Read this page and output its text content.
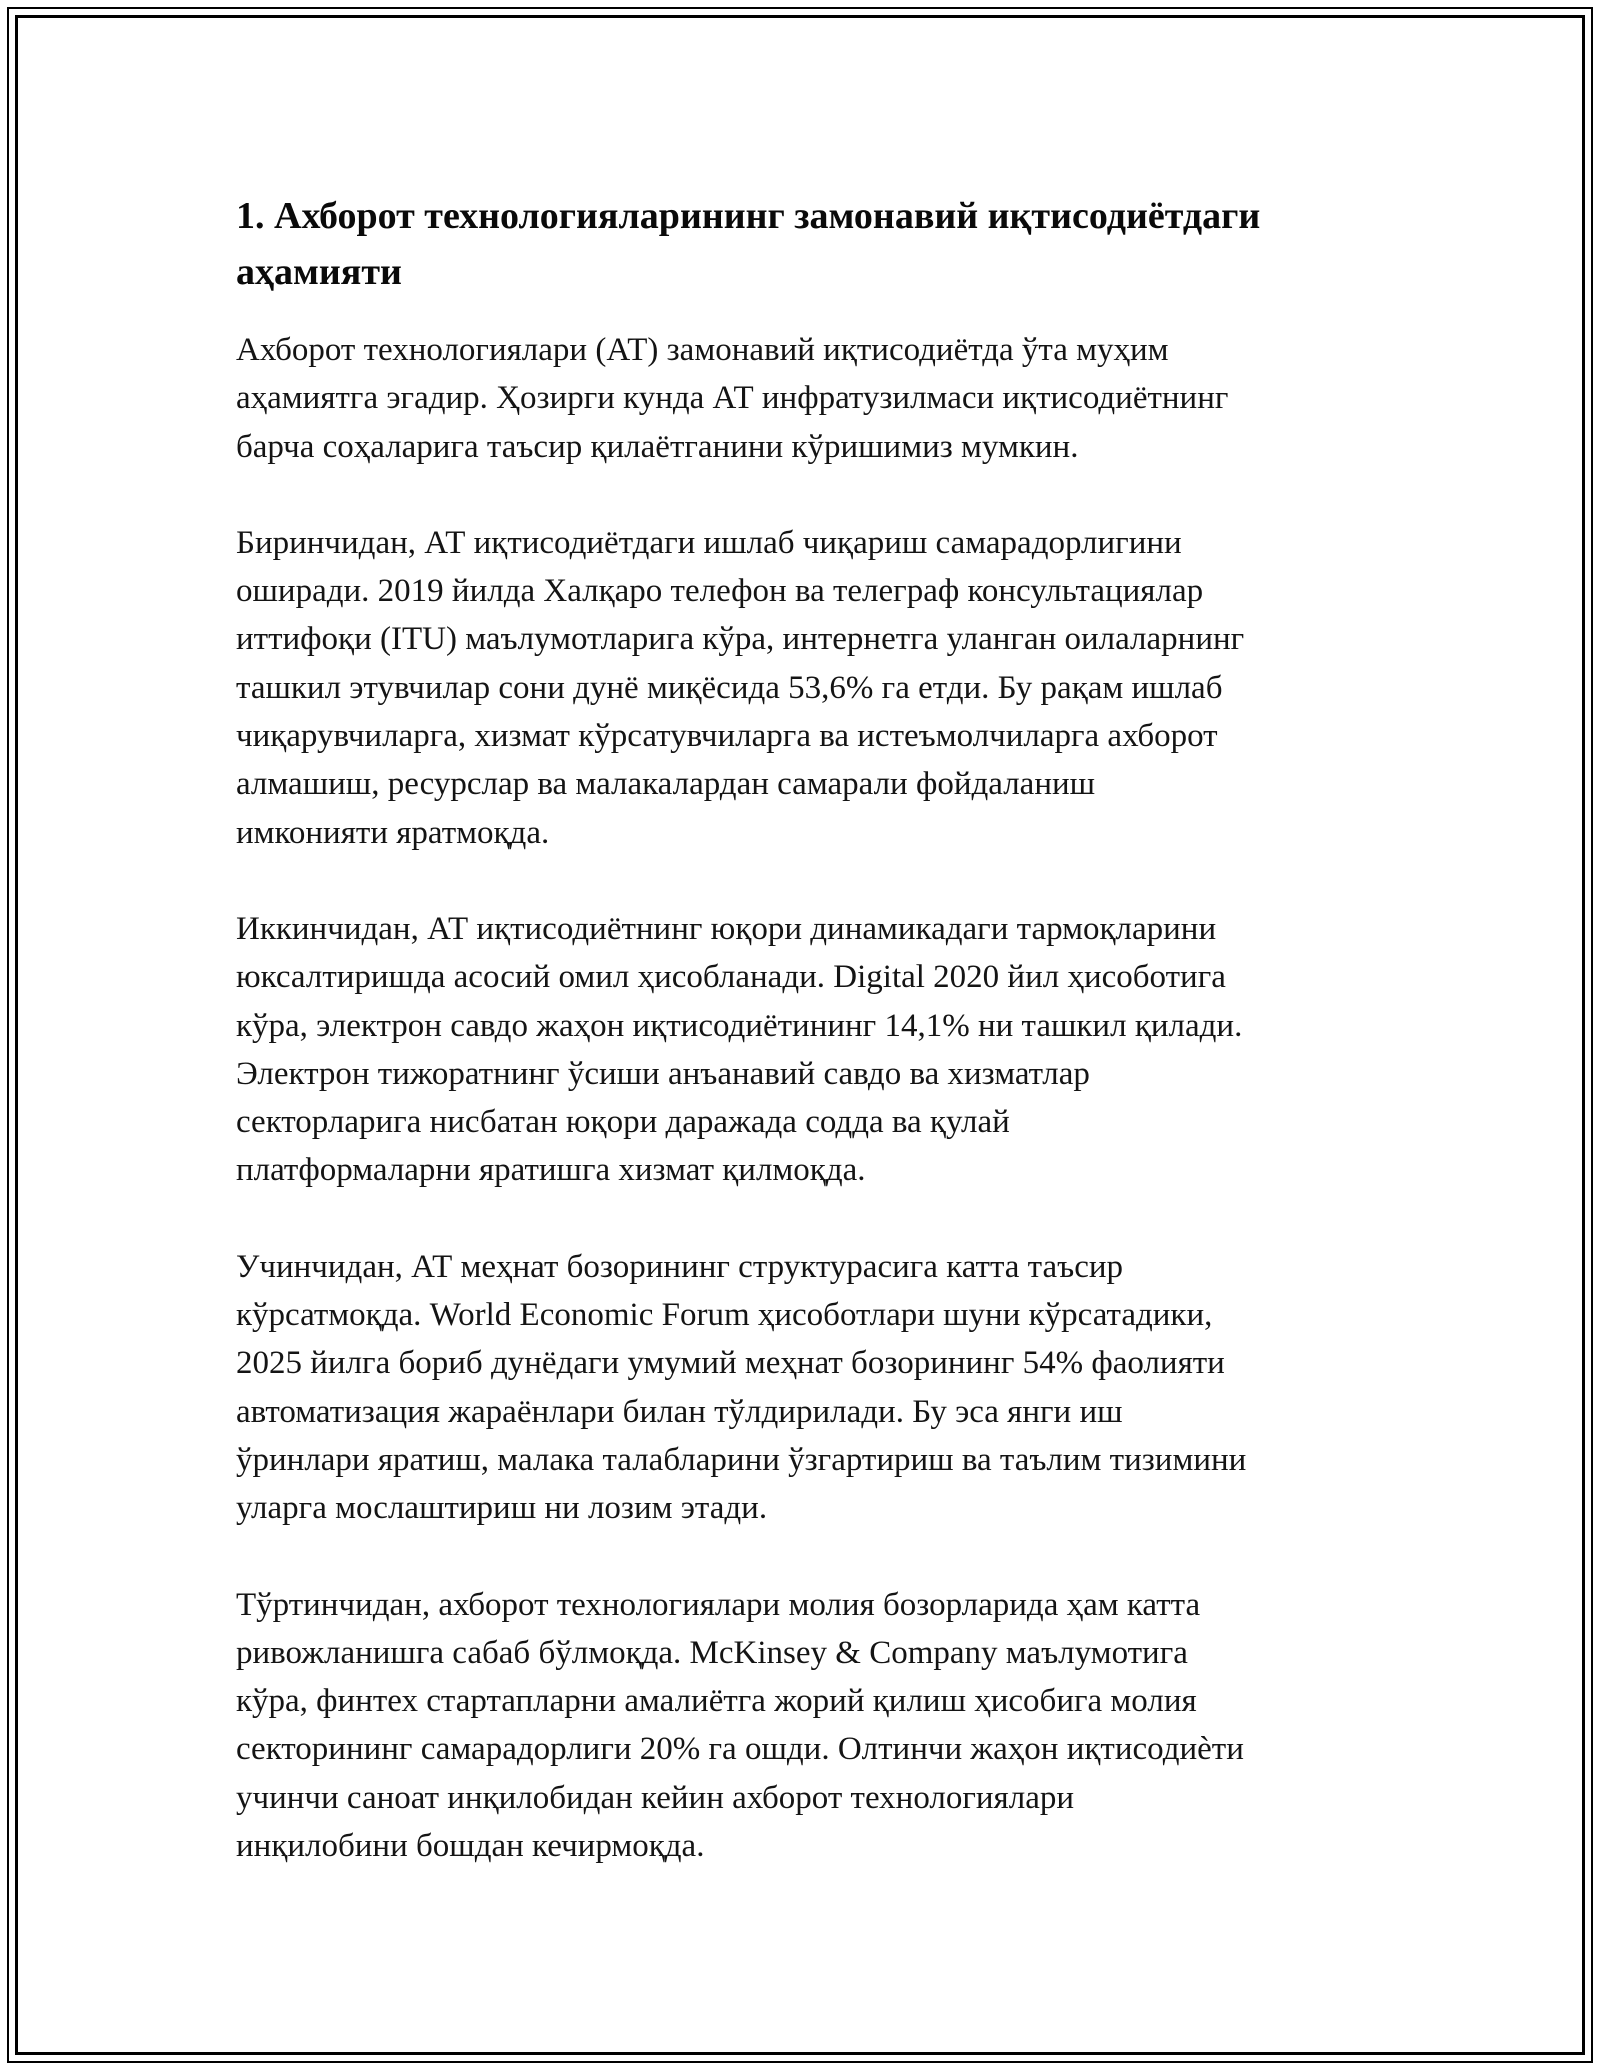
1. Ахборот технологияларининг замонавий иқтисодиётдаги аҳамияти

Ахборот технологиялари (АТ) замонавий иқтисодиётда ўта муҳим
аҳамиятга эгадир. Ҳозирги кунда АТ инфратузилмаси иқтисодиётнинг
барча соҳаларига таъсир қилаётганини кўришимиз мумкин.

Биринчидан, АТ иқтисодиётдаги ишлаб чиқариш самарадорлигини
оширади. 2019 йилда Халқаро телефон ва телеграф консультациялар
иттифоқи (ITU) маълумотларига кўра, интернетга уланган оилаларнинг
ташкил этувчилар сони дунё миқёсида 53,6% га етди. Бу рақам ишлаб
чиқарувчиларга, хизмат кўрсатувчиларга ва истеъмолчиларга ахборот
алмашиш, ресурслар ва малакалардан самарали фойдаланиш
имконияти яратмоқда.

Иккинчидан, АТ иқтисодиётнинг юқори динамикадаги тармоқларини
юксалтиришда асосий омил ҳисобланади. Digital 2020 йил ҳисоботига
кўра, электрон савдо жаҳон иқтисодиётининг 14,1% ни ташкил қилади.
Электрон тижоратнинг ўсиши анъанавий савдо ва хизматлар
секторларига нисбатан юқори даражада содда ва қулай
платформаларни яратишга хизмат қилмоқда.

Учинчидан, АТ меҳнат бозорининг структурасига катта таъсир
кўрсатмоқда. World Economic Forum ҳисоботлари шуни кўрсатадики,
2025 йилга бориб дунёдаги умумий меҳнат бозорининг 54% фаолияти
автоматизация жараёнлари билан тўлдирилади. Бу эса янги иш
ўринлари яратиш, малака талабларини ўзгартириш ва таълим тизимини
уларга мослаштириш ни лозим этади.

Тўртинчидан, ахборот технологиялари молия бозорларида ҳам катта
ривожланишга сабаб бўлмоқда. McKinsey & Company маълумотига
кўра, финтех стартапларни амалиётга жорий қилиш ҳисобига молия
секторининг самарадорлиги 20% га ошди. Олтинчи жаҳон иқтисодиѐти
учинчи саноат инқилобидан кейин ахборот технологиялари
инқилобини бошдан кечирмоқда.
